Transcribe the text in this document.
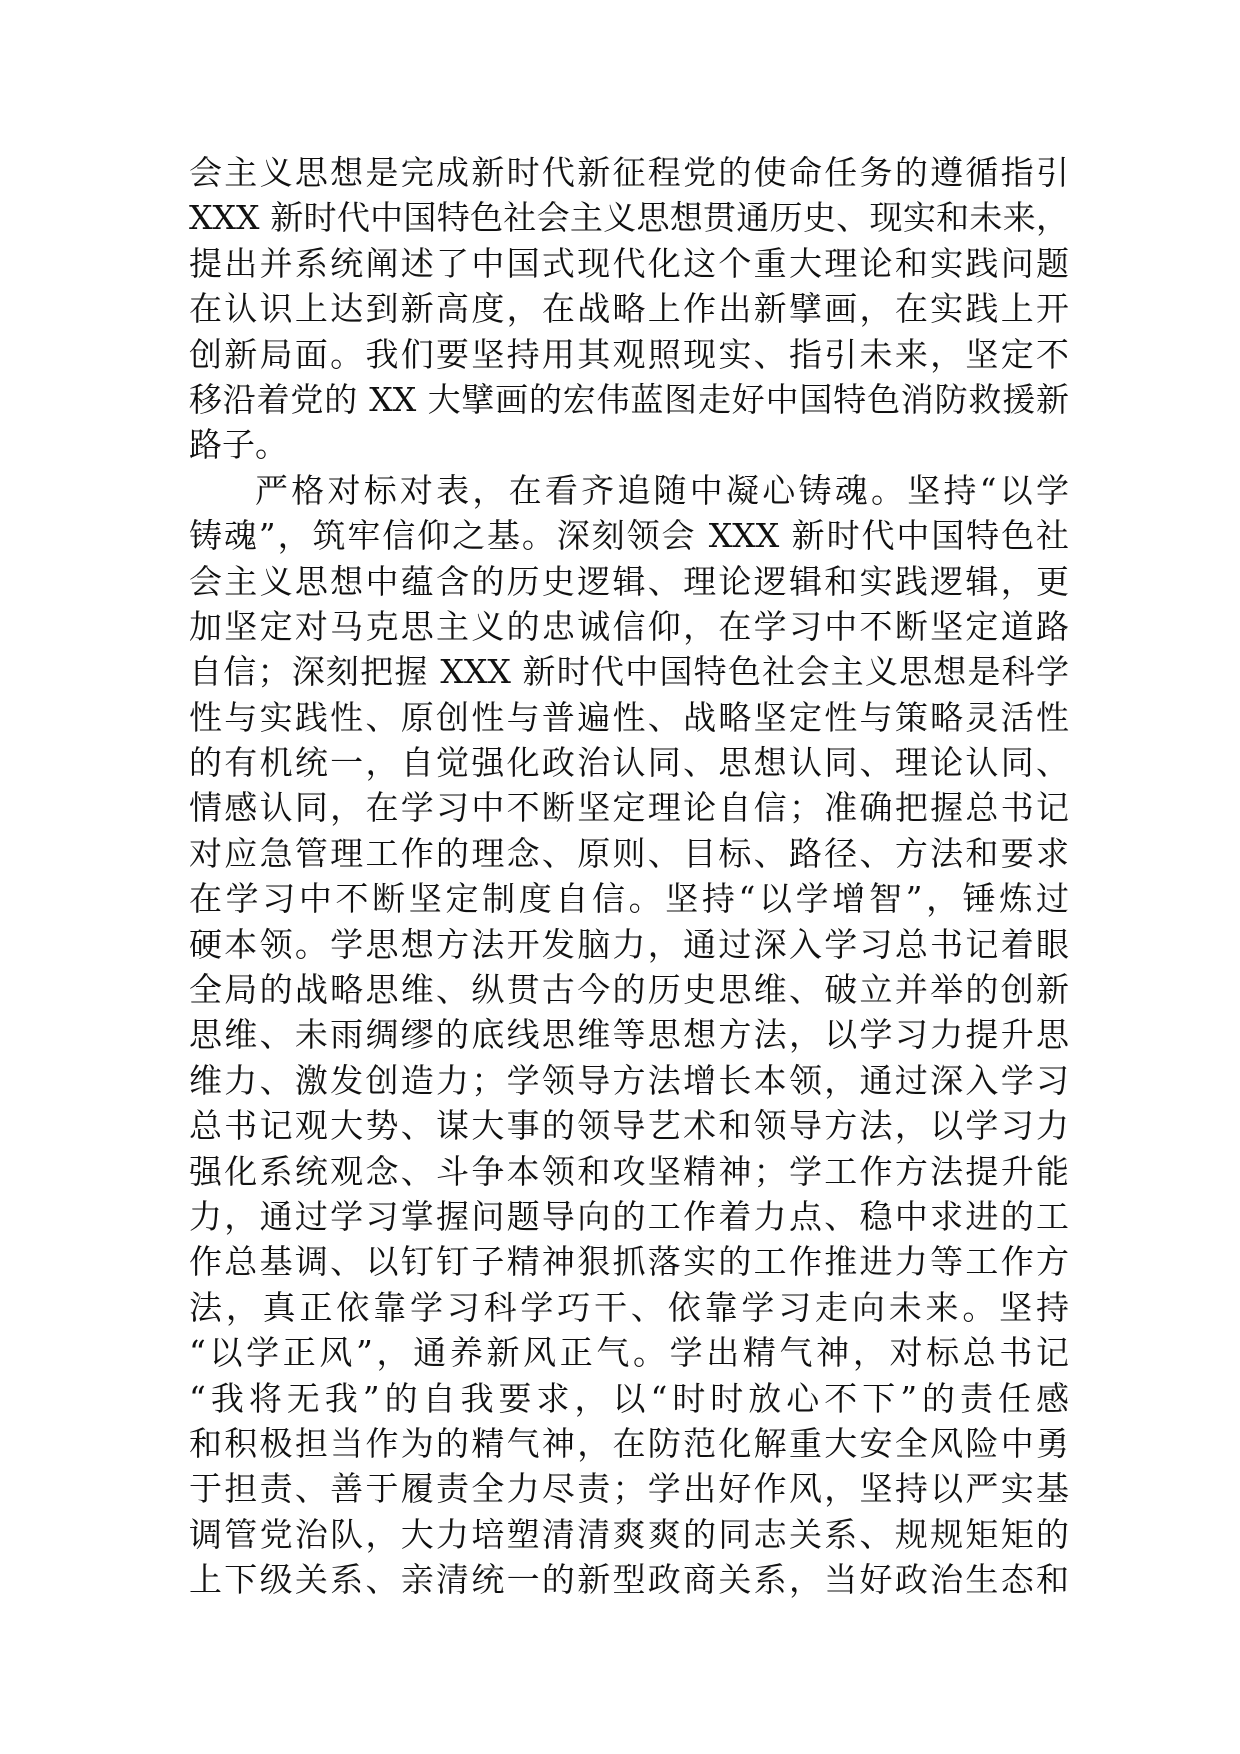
会主义思想是完成新时代新征程党的使命任务的遵循指引
XXX 新时代中国特色社会主义思想贯通历史、现实和未来，
提出并系统阐述了中国式现代化这个重大理论和实践问题
在认识上达到新高度，在战略上作出新擘画，在实践上开
创新局面。我们要坚持用其观照现实、指引未来，坚定不
移沿着党的 XX 大擘画的宏伟蓝图走好中国特色消防救援新
路子。
严格对标对表，在看齐追随中凝心铸魂。坚持“以学
铸魂”，筑牢信仰之基。深刻领会 XXX 新时代中国特色社
会主义思想中蕴含的历史逻辑、理论逻辑和实践逻辑，更
加坚定对马克思主义的忠诚信仰，在学习中不断坚定道路
自信；深刻把握 XXX 新时代中国特色社会主义思想是科学
性与实践性、原创性与普遍性、战略坚定性与策略灵活性
的有机统一，自觉强化政治认同、思想认同、理论认同、
情感认同，在学习中不断坚定理论自信；准确把握总书记
对应急管理工作的理念、原则、目标、路径、方法和要求
在学习中不断坚定制度自信。坚持“以学增智”，锤炼过
硬本领。学思想方法开发脑力，通过深入学习总书记着眼
全局的战略思维、纵贯古今的历史思维、破立并举的创新
思维、未雨绸缪的底线思维等思想方法，以学习力提升思
维力、激发创造力；学领导方法增长本领，通过深入学习
总书记观大势、谋大事的领导艺术和领导方法，以学习力
强化系统观念、斗争本领和攻坚精神；学工作方法提升能
力，通过学习掌握问题导向的工作着力点、稳中求进的工
作总基调、以钉钉子精神狠抓落实的工作推进力等工作方
法，真正依靠学习科学巧干、依靠学习走向未来。坚持
“以学正风”，通养新风正气。学出精气神，对标总书记
“我将无我”的自我要求，以“时时放心不下”的责任感
和积极担当作为的精气神，在防范化解重大安全风险中勇
于担责、善于履责全力尽责；学出好作风，坚持以严实基
调管党治队，大力培塑清清爽爽的同志关系、规规矩矩的
上下级关系、亲清统一的新型政商关系，当好政治生态和
